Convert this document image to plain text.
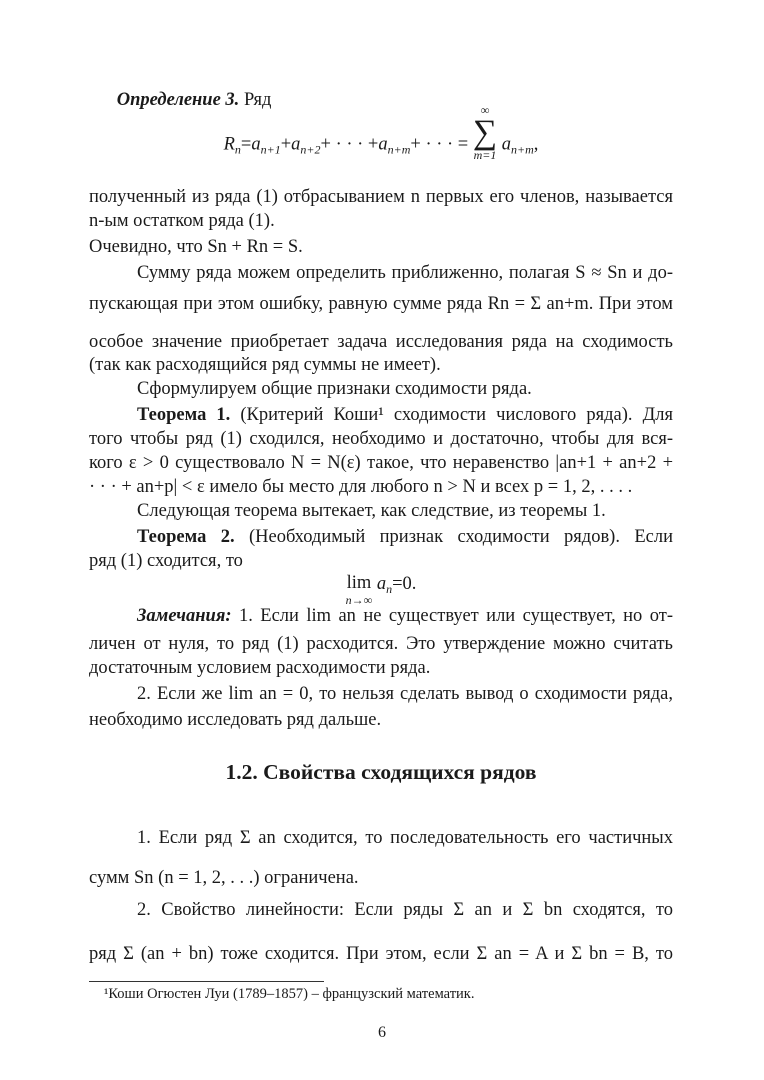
Определение 3. Ряд
$R_n=a_{n+1}+a_{n+2}+$ · · · $+a_{n+m}+$ · · · =
∞
∑
m=1
$a_{n+m}$,
полученный из ряда (1) отбрасыванием n первых его членов, называется
n-ым остатком ряда (1).
Очевидно, что Sn + Rn = S.
Сумму ряда можем определить приближенно, полагая S ≈ Sn и до-
пускающая при этом ошибку, равную сумме ряда Rn = Σ an+m. При этом
особое значение приобретает задача исследования ряда на сходимость
(так как расходящийся ряд суммы не имеет).
Сформулируем общие признаки сходимости ряда.
Теорема 1. (Критерий Коши¹ сходимости числового ряда). Для
того чтобы ряд (1) сходился, необходимо и достаточно, чтобы для вся-
кого ε > 0 существовало N = N(ε) такое, что неравенство |an+1 + an+2 +
· · · + an+p| < ε имело бы место для любого n > N и всех p = 1, 2, . . . .
Следующая теорема вытекает, как следствие, из теоремы 1.
Теорема 2. (Необходимый признак сходимости рядов). Если
ряд (1) сходится, то
lim
n→∞
$a_n=0$.
Замечания: 1. Если lim an не существует или существует, но от-
личен от нуля, то ряд (1) расходится. Это утверждение можно считать
достаточным условием расходимости ряда.
2. Если же lim an = 0, то нельзя сделать вывод о сходимости ряда,
необходимо исследовать ряд дальше.
1.2. Свойства сходящихся рядов
1. Если ряд Σ an сходится, то последовательность его частичных
сумм Sn (n = 1, 2, . . .) ограничена.
2. Свойство линейности: Если ряды Σ an и Σ bn сходятся, то
ряд Σ (an + bn) тоже сходится. При этом, если Σ an = A и Σ bn = B, то
¹Коши Огюстен Луи (1789–1857) – французский математик.
6
